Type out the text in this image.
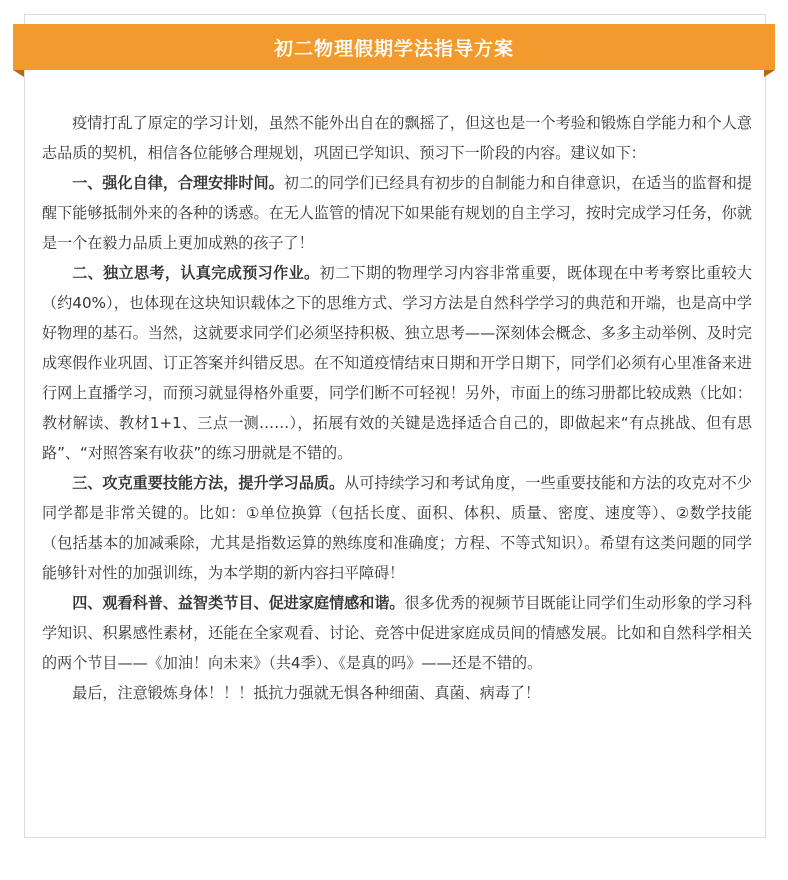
初二物理假期学法指导方案

疫情打乱了原定的学习计划，虽然不能外出自在的飘摇了，但这也是一个考验和锻炼自学能力和个人意志品质的契机，相信各位能够合理规划，巩固已学知识、预习下一阶段的内容。建议如下：

一、强化自律，合理安排时间。初二的同学们已经具有初步的自制能力和自律意识，在适当的监督和提醒下能够抵制外来的各种的诱惑。在无人监管的情况下如果能有规划的自主学习，按时完成学习任务，你就是一个在毅力品质上更加成熟的孩子了！

二、独立思考，认真完成预习作业。初二下期的物理学习内容非常重要，既体现在中考考察比重较大（约40%），也体现在这块知识载体之下的思维方式、学习方法是自然科学学习的典范和开端，也是高中学好物理的基石。当然，这就要求同学们必须坚持积极、独立思考——深刻体会概念、多多主动举例、及时完成寒假作业巩固、订正答案并纠错反思。在不知道疫情结束日期和开学日期下，同学们必须有心里准备来进行网上直播学习，而预习就显得格外重要，同学们断不可轻视！另外，市面上的练习册都比较成熟（比如：教材解读、教材1+1、三点一测……），拓展有效的关键是选择适合自己的，即做起来“有点挑战、但有思路”、“对照答案有收获”的练习册就是不错的。

三、攻克重要技能方法，提升学习品质。从可持续学习和考试角度，一些重要技能和方法的攻克对不少同学都是非常关键的。比如：①单位换算（包括长度、面积、体积、质量、密度、速度等）、②数学技能（包括基本的加减乘除，尤其是指数运算的熟练度和准确度；方程、不等式知识）。希望有这类问题的同学能够针对性的加强训练，为本学期的新内容扫平障碍！

四、观看科普、益智类节目、促进家庭情感和谐。很多优秀的视频节目既能让同学们生动形象的学习科学知识、积累感性素材，还能在全家观看、讨论、竞答中促进家庭成员间的情感发展。比如和自然科学相关的两个节目——《加油！向未来》（共4季）、《是真的吗》——还是不错的。

最后，注意锻炼身体！！！抵抗力强就无惧各种细菌、真菌、病毒了！
